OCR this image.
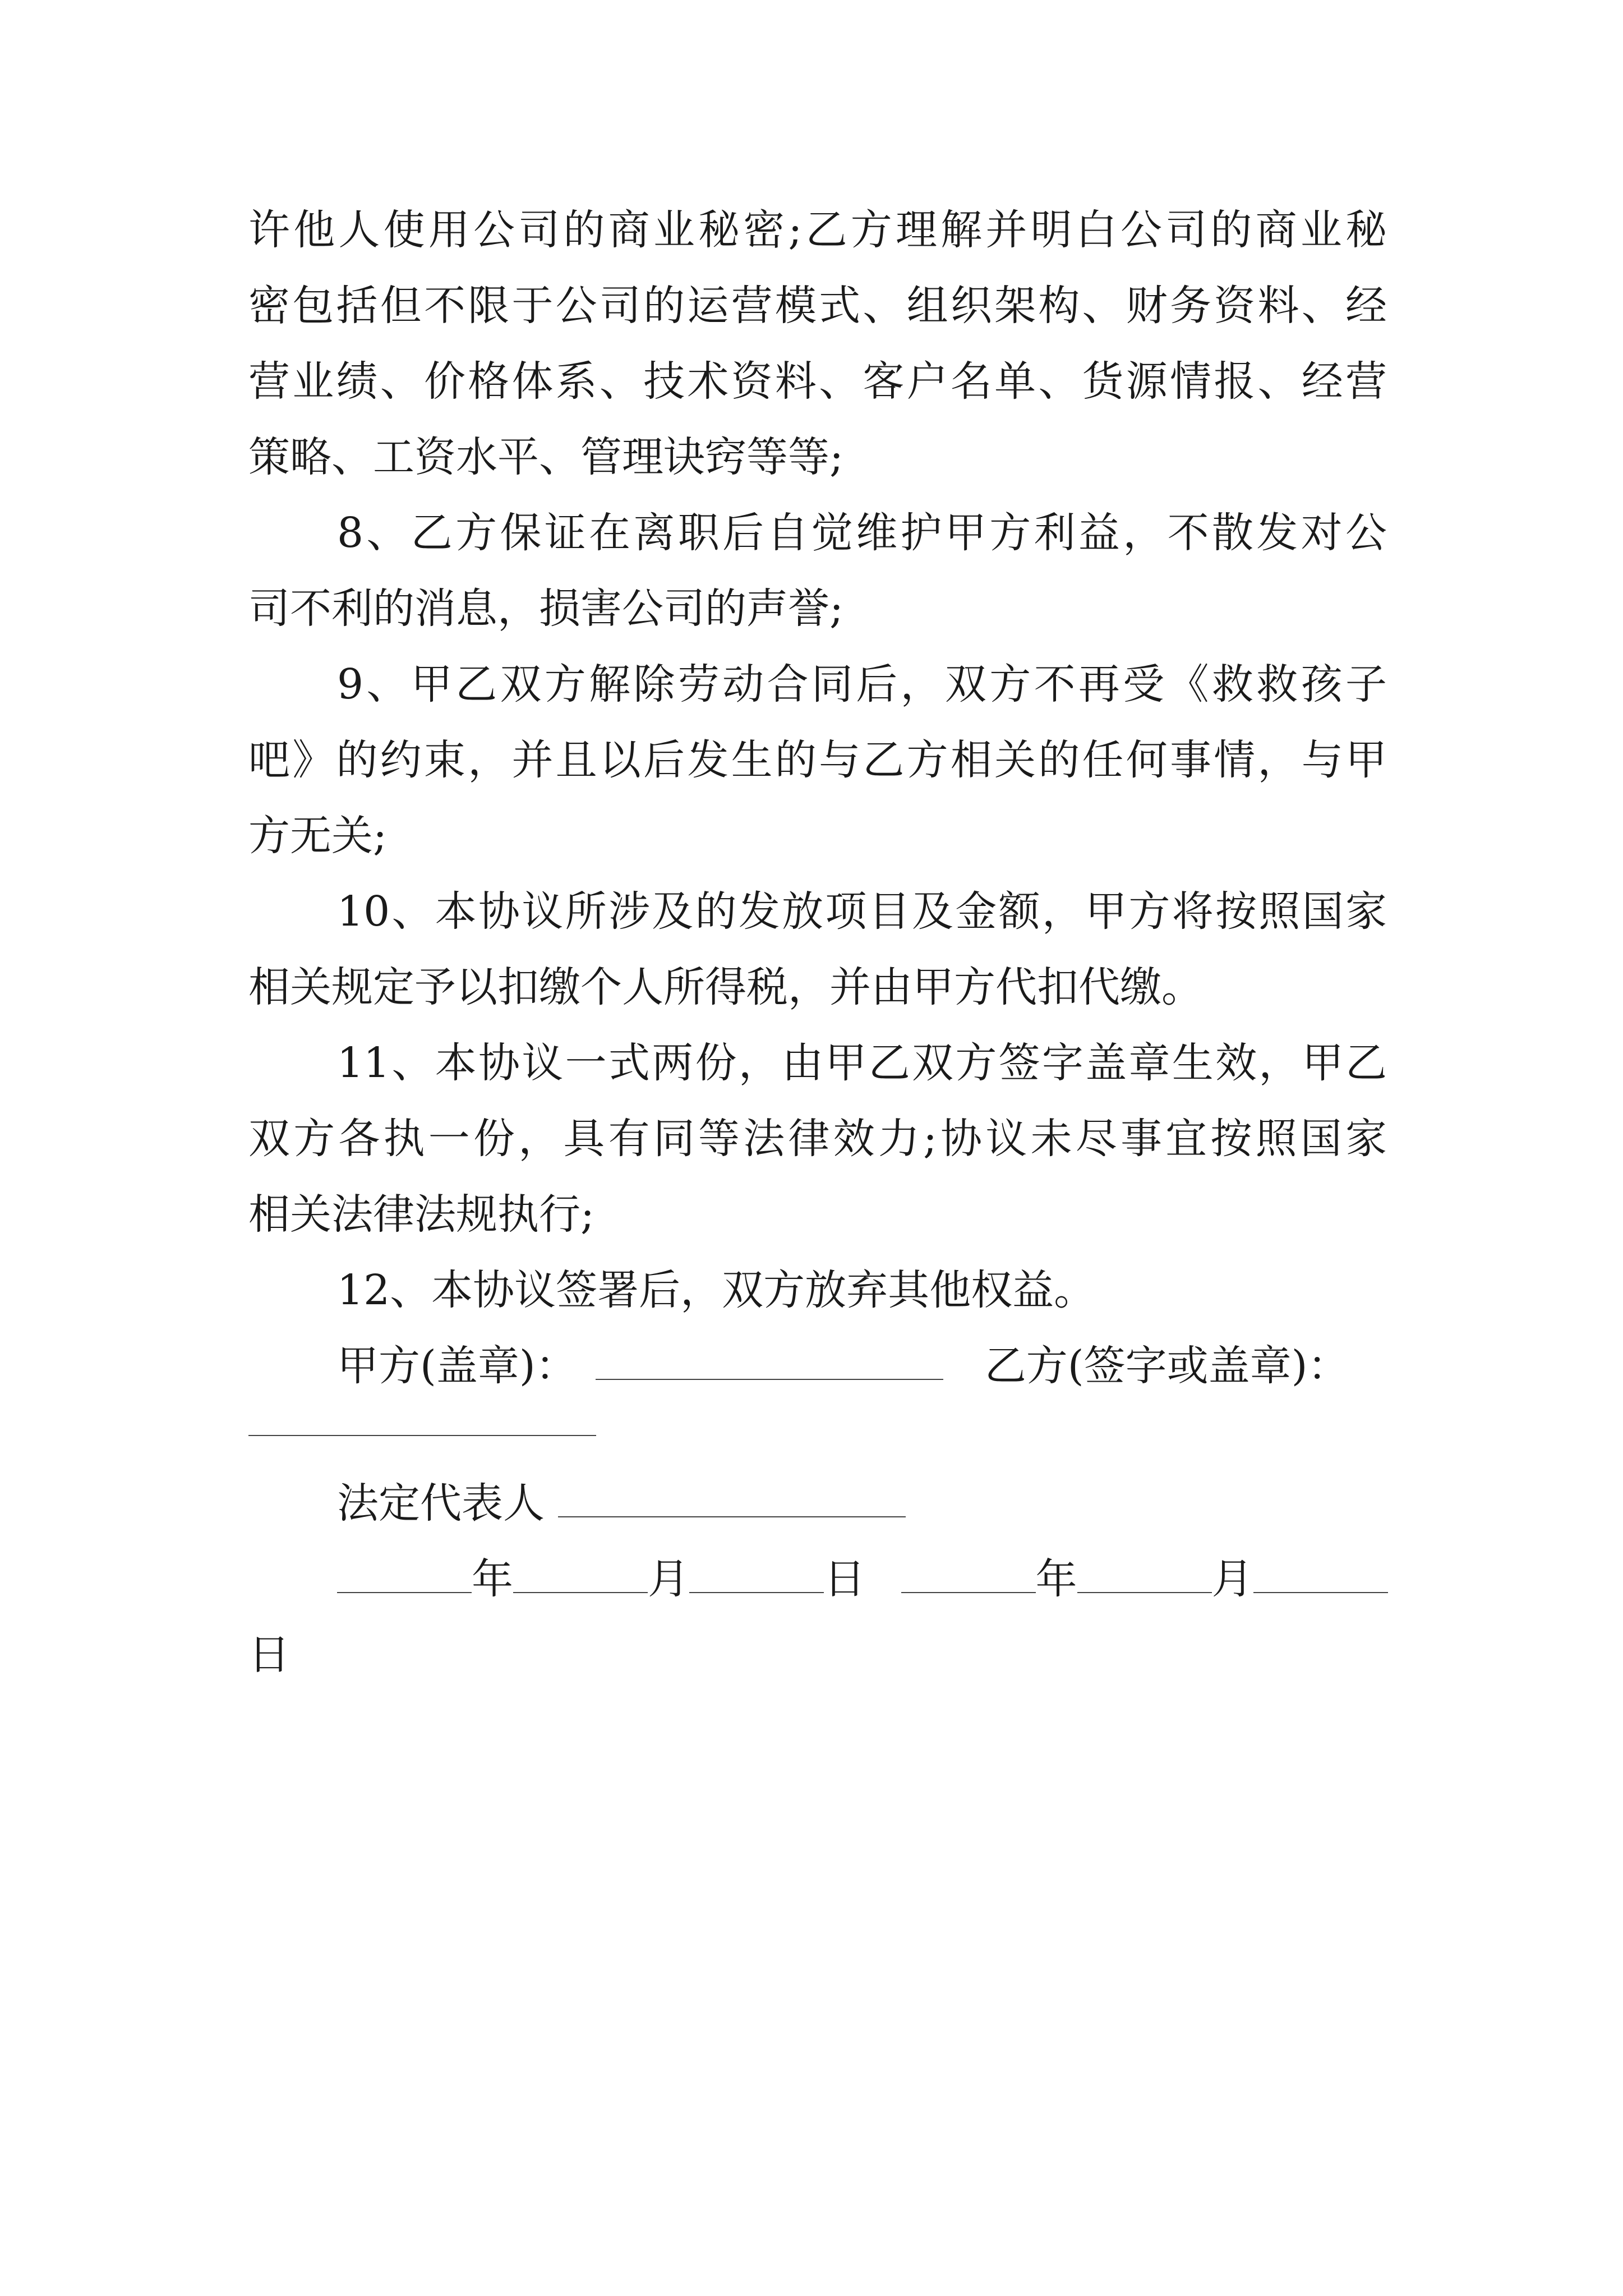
许他人使用公司的商业秘密;乙方理解并明白公司的商业秘
密包括但不限于公司的运营模式、组织架构、财务资料、经
营业绩、价格体系、技术资料、客户名单、货源情报、经营
策略、工资水平、管理诀窍等等;
8、乙方保证在离职后自觉维护甲方利益，不散发对公
司不利的消息，损害公司的声誉;
9、甲乙双方解除劳动合同后，双方不再受《救救孩子
吧》的约束，并且以后发生的与乙方相关的任何事情，与甲
方无关;
10、本协议所涉及的发放项目及金额，甲方将按照国家
相关规定予以扣缴个人所得税，并由甲方代扣代缴。
11、本协议一式两份，由甲乙双方签字盖章生效，甲乙
双方各执一份，具有同等法律效力;协议未尽事宜按照国家
相关法律法规执行;
12、本协议签署后，双方放弃其他权益。
甲方(盖章)：	乙方(签字或盖章)：
法定代表人
年	月	日	年	月
日
